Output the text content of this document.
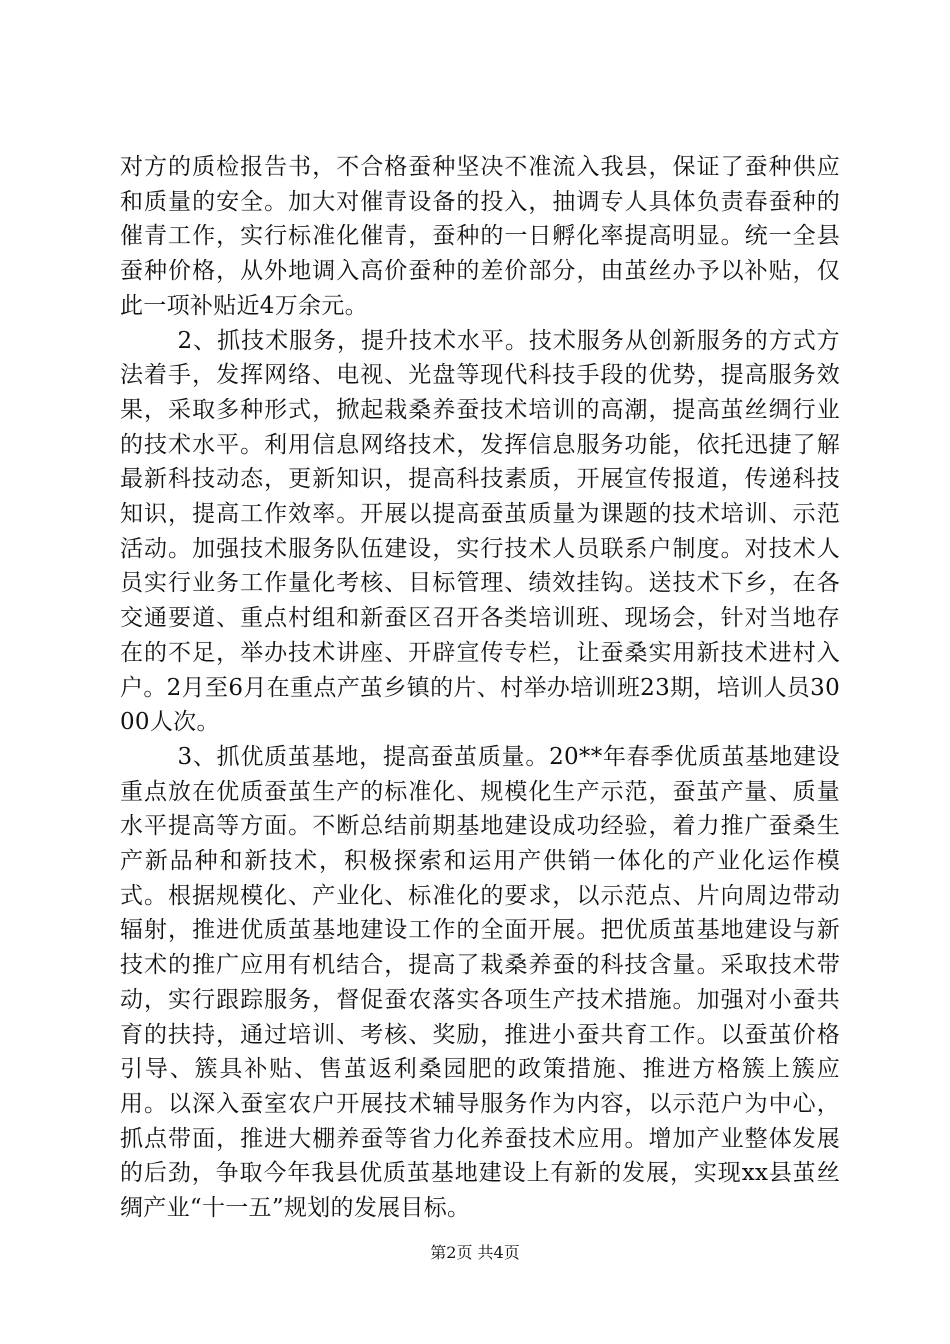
对方的质检报告书，不合格蚕种坚决不准流入我县，保证了蚕种供应和质量的安全。加大对催青设备的投入，抽调专人具体负责春蚕种的催青工作，实行标准化催青，蚕种的一日孵化率提高明显。统一全县蚕种价格，从外地调入高价蚕种的差价部分，由茧丝办予以补贴，仅此一项补贴近4万余元。

2、抓技术服务，提升技术水平。技术服务从创新服务的方式方法着手，发挥网络、电视、光盘等现代科技手段的优势，提高服务效果，采取多种形式，掀起栽桑养蚕技术培训的高潮，提高茧丝绸行业的技术水平。利用信息网络技术，发挥信息服务功能，依托迅捷了解最新科技动态，更新知识，提高科技素质，开展宣传报道，传递科技知识，提高工作效率。开展以提高蚕茧质量为课题的技术培训、示范活动。加强技术服务队伍建设，实行技术人员联系户制度。对技术人员实行业务工作量化考核、目标管理、绩效挂钩。送技术下乡，在各交通要道、重点村组和新蚕区召开各类培训班、现场会，针对当地存在的不足，举办技术讲座、开辟宣传专栏，让蚕桑实用新技术进村入户。2月至6月在重点产茧乡镇的片、村举办培训班23期，培训人员3000人次。

3、抓优质茧基地，提高蚕茧质量。20**年春季优质茧基地建设重点放在优质蚕茧生产的标准化、规模化生产示范，蚕茧产量、质量水平提高等方面。不断总结前期基地建设成功经验，着力推广蚕桑生产新品种和新技术，积极探索和运用产供销一体化的产业化运作模式。根据规模化、产业化、标准化的要求，以示范点、片向周边带动辐射，推进优质茧基地建设工作的全面开展。把优质茧基地建设与新技术的推广应用有机结合，提高了栽桑养蚕的科技含量。采取技术带动，实行跟踪服务，督促蚕农落实各项生产技术措施。加强对小蚕共育的扶持，通过培训、考核、奖励，推进小蚕共育工作。以蚕茧价格引导、簇具补贴、售茧返利桑园肥的政策措施、推进方格簇上簇应用。以深入蚕室农户开展技术辅导服务作为内容，以示范户为中心，抓点带面，推进大棚养蚕等省力化养蚕技术应用。增加产业整体发展的后劲，争取今年我县优质茧基地建设上有新的发展，实现xx县茧丝绸产业“十一五”规划的发展目标。

第2页 共4页
